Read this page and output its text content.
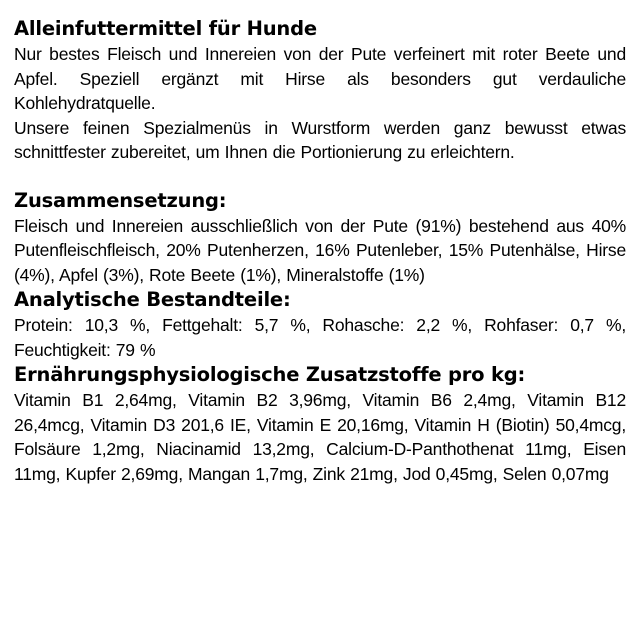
Alleinfuttermittel für Hunde

Nur bestes Fleisch und Innereien von der Pute verfeinert mit roter Beete und Apfel. Speziell ergänzt mit Hirse als besonders gut verdauliche Kohlehydratquelle.

Unsere feinen Spezialmenüs in Wurstform werden ganz bewusst etwas schnittfester zubereitet, um Ihnen die Portionierung zu erleichtern.

Zusammensetzung:

Fleisch und Innereien ausschließlich von der Pute (91%) bestehend aus 40% Putenfleischfleisch, 20% Putenherzen, 16% Putenleber, 15% Putenhälse, Hirse (4%), Apfel (3%), Rote Beete (1%), Mineralstoffe (1%)

Analytische Bestandteile:

Protein: 10,3 %, Fettgehalt: 5,7 %, Rohasche: 2,2 %, Rohfaser: 0,7 %, Feuchtigkeit: 79 %

Ernährungsphysiologische Zusatzstoffe pro kg:

Vitamin B1 2,64mg, Vitamin B2 3,96mg, Vitamin B6 2,4mg, Vitamin B12 26,4mcg, Vitamin D3 201,6 IE, Vitamin E 20,16mg, Vitamin H (Biotin) 50,4mcg, Folsäure 1,2mg, Niacinamid 13,2mg, Calcium-D-Panthothenat 11mg, Eisen 11mg, Kupfer 2,69mg, Mangan 1,7mg, Zink 21mg, Jod 0,45mg, Selen 0,07mg
